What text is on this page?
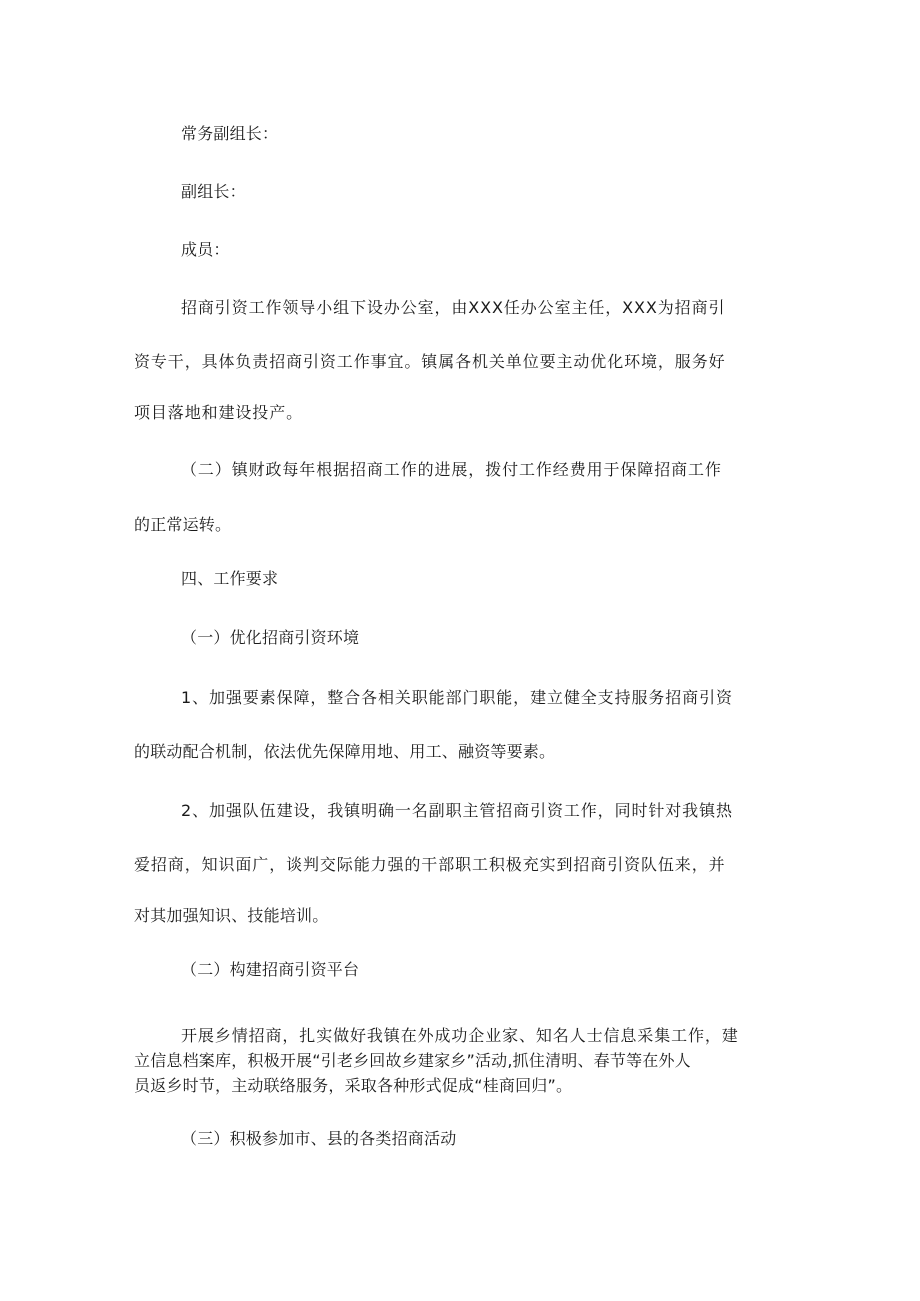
常务副组长：
副组长：
成员：
招商引资工作领导小组下设办公室，由XXX任办公室主任，XXX为招商引
资专干，具体负责招商引资工作事宜。镇属各机关单位要主动优化环境，服务好
项目落地和建设投产。
（二）镇财政每年根据招商工作的进展，拨付工作经费用于保障招商工作
的正常运转。
四、工作要求
（一）优化招商引资环境
1、加强要素保障，整合各相关职能部门职能，建立健全支持服务招商引资
的联动配合机制，依法优先保障用地、用工、融资等要素。
2、加强队伍建设，我镇明确一名副职主管招商引资工作，同时针对我镇热
爱招商，知识面广，谈判交际能力强的干部职工积极充实到招商引资队伍来，并
对其加强知识、技能培训。
（二）构建招商引资平台
开展乡情招商，扎实做好我镇在外成功企业家、知名人士信息采集工作，建
立信息档案库，积极开展“引老乡回故乡建家乡”活动,抓住清明、春节等在外人
员返乡时节，主动联络服务，采取各种形式促成“桂商回归”。
（三）积极参加市、县的各类招商活动
